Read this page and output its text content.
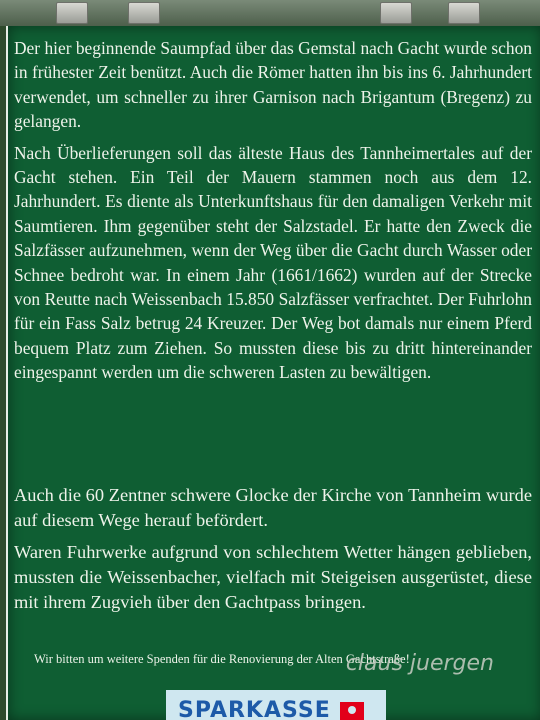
Der hier beginnende Saumpfad über das Gemstal nach Gacht wurde schon in frühester Zeit benützt. Auch die Römer hatten ihn bis ins 6. Jahrhundert verwendet, um schneller zu ihrer Garnison nach Brigantum (Bregenz) zu gelangen.

Nach Überlieferungen soll das älteste Haus des Tannheimertales auf der Gacht stehen. Ein Teil der Mauern stammen noch aus dem 12. Jahrhundert. Es diente als Unterkunftshaus für den damaligen Verkehr mit Saumtieren. Ihm gegenüber steht der Salzstadel. Er hatte den Zweck die Salzfässer aufzunehmen, wenn der Weg über die Gacht durch Wasser oder Schnee bedroht war. In einem Jahr (1661/1662) wurden auf der Strecke von Reutte nach Weissenbach 15.850 Salzfässer verfrachtet. Der Fuhrlohn für ein Fass Salz betrug 24 Kreuzer. Der Weg bot damals nur einem Pferd bequem Platz zum Ziehen. So mussten diese bis zu dritt hintereinander eingespannt werden um die schweren Lasten zu bewältigen.

Auch die 60 Zentner schwere Glocke der Kirche von Tannheim wurde auf diesem Wege herauf befördert.

Waren Fuhrwerke aufgrund von schlechtem Wetter hängen geblieben, mussten die Weissenbacher, vielfach mit Steigeisen ausgerüstet, diese mit ihrem Zugvieh über den Gachtpass bringen.

Wir bitten um weitere Spenden für die Renovierung der Alten Gachtstraße!
claus juergen
SPARKASSE
